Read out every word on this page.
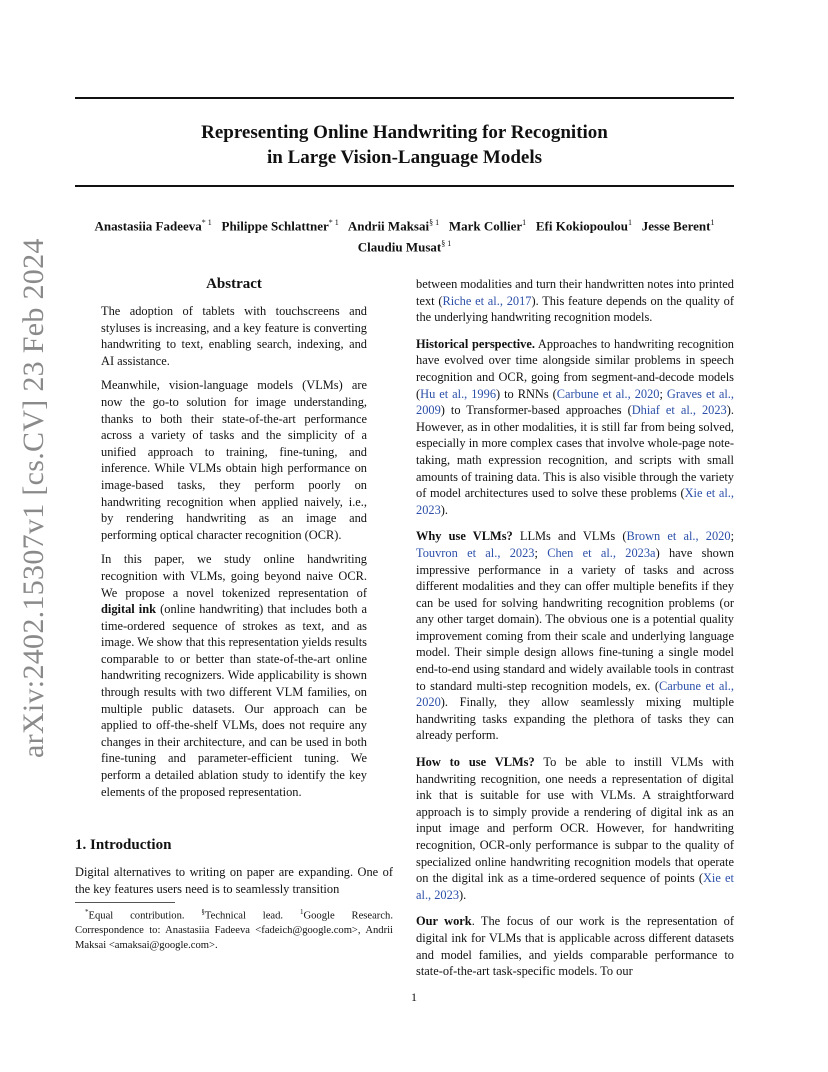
Representing Online Handwriting for Recognition
in Large Vision-Language Models
Anastasiia Fadeeva$^{* 1}$ Philippe Schlattner$^{* 1}$ Andrii Maksai$^{\S 1}$ Mark Collier$^1$ Efi Kokiopoulou$^1$ Jesse Berent$^1$
Claudiu Musat$^{\S 1}$
arXiv:2402.15307v1 [cs.CV] 23 Feb 2024	Abstract

The adoption of tablets with touchscreens and styluses is increasing, and a key feature is converting handwriting to text, enabling search, indexing, and AI assistance.

Meanwhile, vision-language models (VLMs) are now the go-to solution for image understanding, thanks to both their state-of-the-art performance across a variety of tasks and the simplicity of a unified approach to training, fine-tuning, and inference. While VLMs obtain high performance on image-based tasks, they perform poorly on handwriting recognition when applied naively, i.e., by rendering handwriting as an image and performing optical character recognition (OCR).

In this paper, we study online handwriting recognition with VLMs, going beyond naive OCR. We propose a novel tokenized representation of digital ink (online handwriting) that includes both a time-ordered sequence of strokes as text, and as image. We show that this representation yields results comparable to or better than state-of-the-art online handwriting recognizers. Wide applicability is shown through results with two different VLM families, on multiple public datasets. Our approach can be applied to off-the-shelf VLMs, does not require any changes in their architecture, and can be used in both fine-tuning and parameter-efficient tuning. We perform a detailed ablation study to identify the key elements of the proposed representation.

1. Introduction

Digital alternatives to writing on paper are expanding. One of the key features users need is to seamlessly transition

*Equal contribution. §Technical lead. $^1$Google Research. Correspondence to: Anastasiia Fadeeva <fadeich@google.com>, Andrii Maksai <amaksai@google.com>.

between modalities and turn their handwritten notes into printed text (Riche et al., 2017). This feature depends on the quality of the underlying handwriting recognition models.

Historical perspective. Approaches to handwriting recognition have evolved over time alongside similar problems in speech recognition and OCR, going from segment-and-decode models (Hu et al., 1996) to RNNs (Carbune et al., 2020; Graves et al., 2009) to Transformer-based approaches (Dhiaf et al., 2023). However, as in other modalities, it is still far from being solved, especially in more complex cases that involve whole-page note-taking, math expression recognition, and scripts with small amounts of training data. This is also visible through the variety of model architectures used to solve these problems (Xie et al., 2023).

Why use VLMs? LLMs and VLMs (Brown et al., 2020; Touvron et al., 2023; Chen et al., 2023a) have shown impressive performance in a variety of tasks and across different modalities and they can offer multiple benefits if they can be used for solving handwriting recognition problems (or any other target domain). The obvious one is a potential quality improvement coming from their scale and underlying language model. Their simple design allows fine-tuning a single model end-to-end using standard and widely available tools in contrast to standard multi-step recognition models, ex. (Carbune et al., 2020). Finally, they allow seamlessly mixing multiple handwriting tasks expanding the plethora of tasks they can already perform.

How to use VLMs? To be able to instill VLMs with handwriting recognition, one needs a representation of digital ink that is suitable for use with VLMs. A straightforward approach is to simply provide a rendering of digital ink as an input image and perform OCR. However, for handwriting recognition, OCR-only performance is subpar to the quality of specialized online handwriting recognition models that operate on the digital ink as a time-ordered sequence of points (Xie et al., 2023).

Our work. The focus of our work is the representation of digital ink for VLMs that is applicable across different datasets and model families, and yields comparable performance to state-of-the-art task-specific models. To our

1
